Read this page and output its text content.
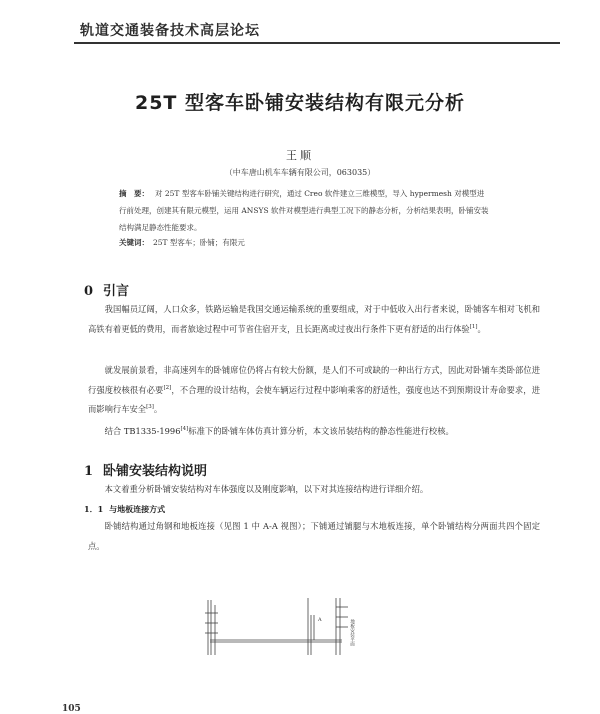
轨道交通装备技术高层论坛
25T 型客车卧铺安装结构有限元分析
王顺
（中车唐山机车车辆有限公司，063035）
摘　要： 对 25T 型客车卧铺关键结构进行研究，通过 Creo 软件建立三维模型，导入 hypermesh 对模型进行前处理，创建其有限元模型，运用 ANSYS 软件对模型进行典型工况下的静态分析，分析结果表明，卧铺安装结构满足静态性能要求。
关键词： 25T 型客车；卧铺；有限元
0 引言
我国幅员辽阔，人口众多，铁路运输是我国交通运输系统的重要组成，对于中低收入出行者来说，卧铺客车相对飞机和高铁有着更低的费用，而者旅途过程中可节省住宿开支，且长距离或过夜出行条件下更有舒适的出行体验[1]。
就发展前景看，非高速列车的卧铺席位仍将占有较大份额，是人们不可或缺的一种出行方式，因此对卧铺车类卧部位进行强度校核很有必要[2]，不合理的设计结构，会使车辆运行过程中影响乘客的舒适性，强度也达不到预期设计寿命要求，进而影响行车安全[3]。
结合 TB1335-1996[4]标准下的卧铺车体仿真计算分析，本文该吊装结构的静态性能进行校核。
1 卧铺安装结构说明
本文着重分析卧铺安装结构对车体强度以及刚度影响，以下对其连接结构进行详细介绍。
1．1 与地板连接方式
卧铺结构通过角钢和地板连接（见图 1 中 A-A 视图）；下铺通过铺腿与木地板连接，单个卧铺结构分两面共四个固定点。
A	地板安装平面
105
